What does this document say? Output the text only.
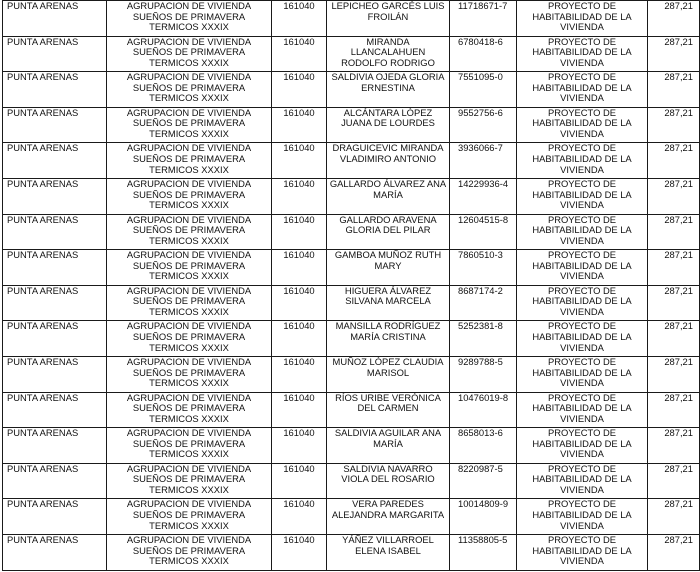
PUNTA ARENAS	AGRUPACION DE VIVIENDA SUEÑOS DE PRIMAVERA TERMICOS XXXIX	161040	LEPICHEO GARCÉS LUIS FROILÁN	11718671-7	PROYECTO DE HABITABILIDAD DE LA VIVIENDA	287,21

PUNTA ARENAS	AGRUPACION DE VIVIENDA SUEÑOS DE PRIMAVERA TERMICOS XXXIX	161040	MIRANDA LLANCALAHUEN RODOLFO RODRIGO	6780418-6	PROYECTO DE HABITABILIDAD DE LA VIVIENDA	287,21

PUNTA ARENAS	AGRUPACION DE VIVIENDA SUEÑOS DE PRIMAVERA TERMICOS XXXIX	161040	SALDIVIA OJEDA GLORIA ERNESTINA	7551095-0	PROYECTO DE HABITABILIDAD DE LA VIVIENDA	287,21

PUNTA ARENAS	AGRUPACION DE VIVIENDA SUEÑOS DE PRIMAVERA TERMICOS XXXIX	161040	ALCÁNTARA LÓPEZ JUANA DE LOURDES	9552756-6	PROYECTO DE HABITABILIDAD DE LA VIVIENDA	287,21

PUNTA ARENAS	AGRUPACION DE VIVIENDA SUEÑOS DE PRIMAVERA TERMICOS XXXIX	161040	DRAGUICEVIC MIRANDA VLADIMIRO ANTONIO	3936066-7	PROYECTO DE HABITABILIDAD DE LA VIVIENDA	287,21

PUNTA ARENAS	AGRUPACION DE VIVIENDA SUEÑOS DE PRIMAVERA TERMICOS XXXIX	161040	GALLARDO ÁLVAREZ ANA MARÍA	14229936-4	PROYECTO DE HABITABILIDAD DE LA VIVIENDA	287,21

PUNTA ARENAS	AGRUPACION DE VIVIENDA SUEÑOS DE PRIMAVERA TERMICOS XXXIX	161040	GALLARDO ARAVENA GLORIA DEL PILAR	12604515-8	PROYECTO DE HABITABILIDAD DE LA VIVIENDA	287,21

PUNTA ARENAS	AGRUPACION DE VIVIENDA SUEÑOS DE PRIMAVERA TERMICOS XXXIX	161040	GAMBOA MUÑOZ RUTH MARY	7860510-3	PROYECTO DE HABITABILIDAD DE LA VIVIENDA	287,21

PUNTA ARENAS	AGRUPACION DE VIVIENDA SUEÑOS DE PRIMAVERA TERMICOS XXXIX	161040	HIGUERA ÁLVAREZ SILVANA MARCELA	8687174-2	PROYECTO DE HABITABILIDAD DE LA VIVIENDA	287,21

PUNTA ARENAS	AGRUPACION DE VIVIENDA SUEÑOS DE PRIMAVERA TERMICOS XXXIX	161040	MANSILLA RODRÍGUEZ MARÍA CRISTINA	5252381-8	PROYECTO DE HABITABILIDAD DE LA VIVIENDA	287,21

PUNTA ARENAS	AGRUPACION DE VIVIENDA SUEÑOS DE PRIMAVERA TERMICOS XXXIX	161040	MUÑOZ LÓPEZ CLAUDIA MARISOL	9289788-5	PROYECTO DE HABITABILIDAD DE LA VIVIENDA	287,21

PUNTA ARENAS	AGRUPACION DE VIVIENDA SUEÑOS DE PRIMAVERA TERMICOS XXXIX	161040	RÍOS URIBE VERÓNICA DEL CARMEN	10476019-8	PROYECTO DE HABITABILIDAD DE LA VIVIENDA	287,21

PUNTA ARENAS	AGRUPACION DE VIVIENDA SUEÑOS DE PRIMAVERA TERMICOS XXXIX	161040	SALDIVIA AGUILAR ANA MARÍA	8658013-6	PROYECTO DE HABITABILIDAD DE LA VIVIENDA	287,21

PUNTA ARENAS	AGRUPACION DE VIVIENDA SUEÑOS DE PRIMAVERA TERMICOS XXXIX	161040	SALDIVIA NAVARRO VIOLA DEL ROSARIO	8220987-5	PROYECTO DE HABITABILIDAD DE LA VIVIENDA	287,21

PUNTA ARENAS	AGRUPACION DE VIVIENDA SUEÑOS DE PRIMAVERA TERMICOS XXXIX	161040	VERA PAREDES ALEJANDRA MARGARITA	10014809-9	PROYECTO DE HABITABILIDAD DE LA VIVIENDA	287,21

PUNTA ARENAS	AGRUPACION DE VIVIENDA SUEÑOS DE PRIMAVERA TERMICOS XXXIX	161040	YÁÑEZ VILLARROEL ELENA ISABEL	11358805-5	PROYECTO DE HABITABILIDAD DE LA VIVIENDA	287,21
